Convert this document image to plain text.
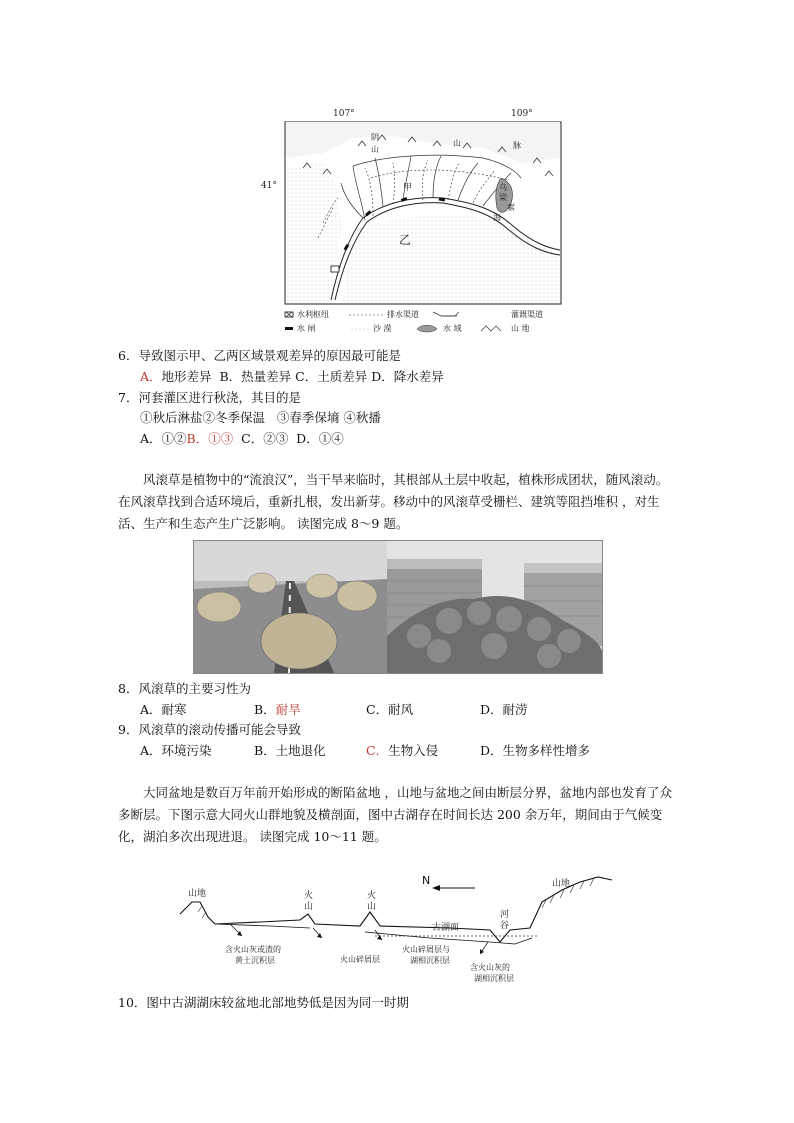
107°	109°
41°
阴
山
山	脉
甲
乙
乌
梁
素
海
水利枢纽	排水渠道	灌溉渠道
水 闸	沙 漠	水 域	山 地
6．导致图示甲、乙两区域景观差异的原因最可能是
A．地形差异 B．热量差异 C．土质差异 D．降水差异
7．河套灌区进行秋浇，其目的是
①秋后淋盐②冬季保温   ③春季保墒 ④秋播
A．①②B．①③  C．②③  D．①④
风滚草是植物中的“流浪汉”，当干旱来临时，其根部从土层中收起，植株形成团状，随风滚动。在风滚草找到合适环境后，重新扎根，发出新芽。移动中的风滚草受栅栏、建筑等阻挡堆积 ，对生活、生产和生态产生广泛影响。 读图完成 8～9 题。
8．风滚草的主要习性为
A．耐寒	B．耐旱	C．耐风	D．耐涝
9．风滚草的滚动传播可能会导致
A．环境污染	B．土地退化	C．生物入侵	D．生物多样性增多
大同盆地是数百万年前开始形成的断陷盆地 ，山地与盆地之间由断层分界，盆地内部也发育了众多断层。下图示意大同火山群地貌及横剖面，图中古湖存在时间长达 200 余万年，期间由于气候变化，湖泊多次出现进退。 读图完成 10～11 题。
N
山地
山地
火
山
火
山
古湖面
河
谷
含火山灰或渣的
黄土沉积层	火山碎屑层
火山碎屑层与
湖相沉积层
含火山灰的
湖相沉积层
10．图中古湖湖床较盆地北部地势低是因为同一时期
